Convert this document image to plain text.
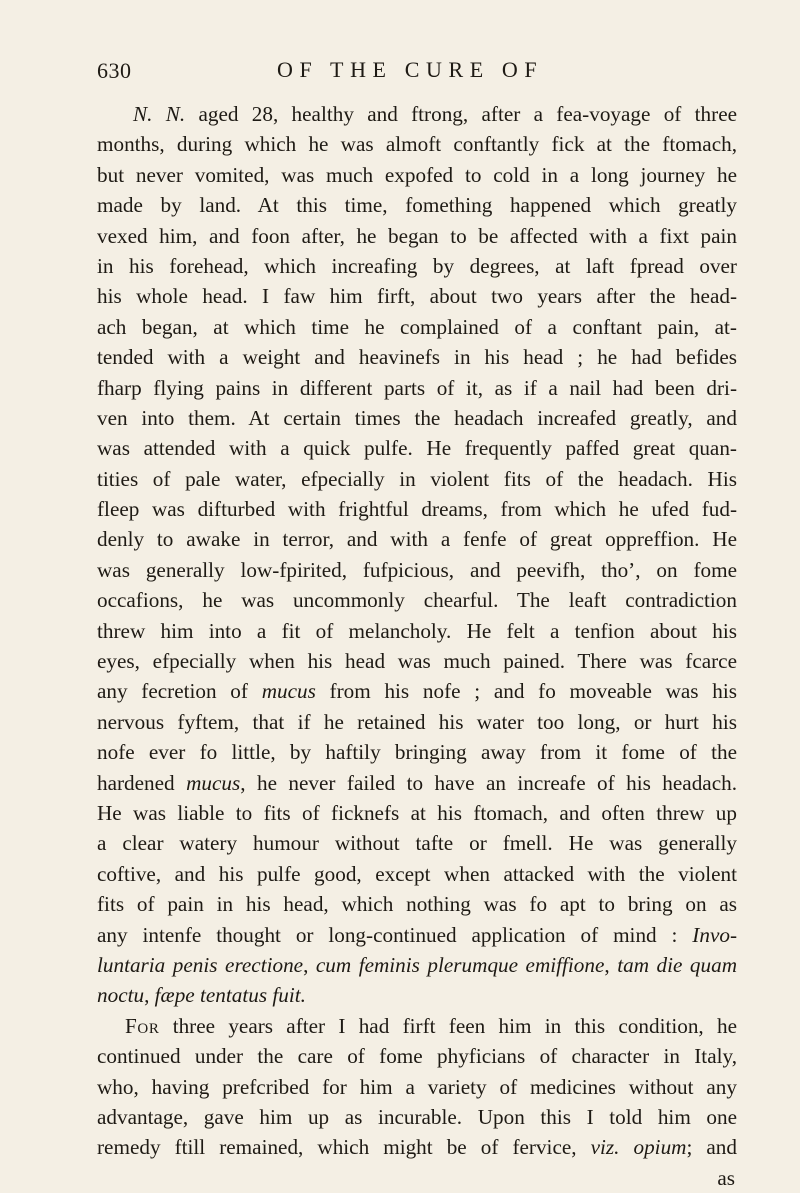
630	OF THE CURE OF
N. N. aged 28, healthy and ftrong, after a fea-voyage of three
months, during which he was almoft conftantly fick at the ftomach,
but never vomited, was much expofed to cold in a long journey he
made by land. At this time, fomething happened which greatly
vexed him, and foon after, he began to be affected with a fixt pain
in his forehead, which increafing by degrees, at laft fpread over
his whole head. I faw him firft, about two years after the head-
ach began, at which time he complained of a conftant pain, at-
tended with a weight and heavinefs in his head ; he had befides
fharp flying pains in different parts of it, as if a nail had been dri-
ven into them. At certain times the headach increafed greatly, and
was attended with a quick pulfe. He frequently paffed great quan-
tities of pale water, efpecially in violent fits of the headach. His
fleep was difturbed with frightful dreams, from which he ufed fud-
denly to awake in terror, and with a fenfe of great oppreffion. He
was generally low-fpirited, fufpicious, and peevifh, tho’, on fome
occafions, he was uncommonly chearful. The leaft contradiction
threw him into a fit of melancholy. He felt a tenfion about his
eyes, efpecially when his head was much pained. There was fcarce
any fecretion of mucus from his nofe ; and fo moveable was his
nervous fyftem, that if he retained his water too long, or hurt his
nofe ever fo little, by haftily bringing away from it fome of the
hardened mucus, he never failed to have an increafe of his headach.
He was liable to fits of ficknefs at his ftomach, and often threw up
a clear watery humour without tafte or fmell. He was generally
coftive, and his pulfe good, except when attacked with the violent
fits of pain in his head, which nothing was fo apt to bring on as
any intenfe thought or long-continued application of mind : Invo-
luntaria penis erectione, cum feminis plerumque emiffione, tam die quam
noctu, fæpe tentatus fuit.
For three years after I had firft feen him in this condition, he
continued under the care of fome phyficians of character in Italy,
who, having prefcribed for him a variety of medicines without any
advantage, gave him up as incurable. Upon this I told him one
remedy ftill remained, which might be of fervice, viz. opium; and
as
